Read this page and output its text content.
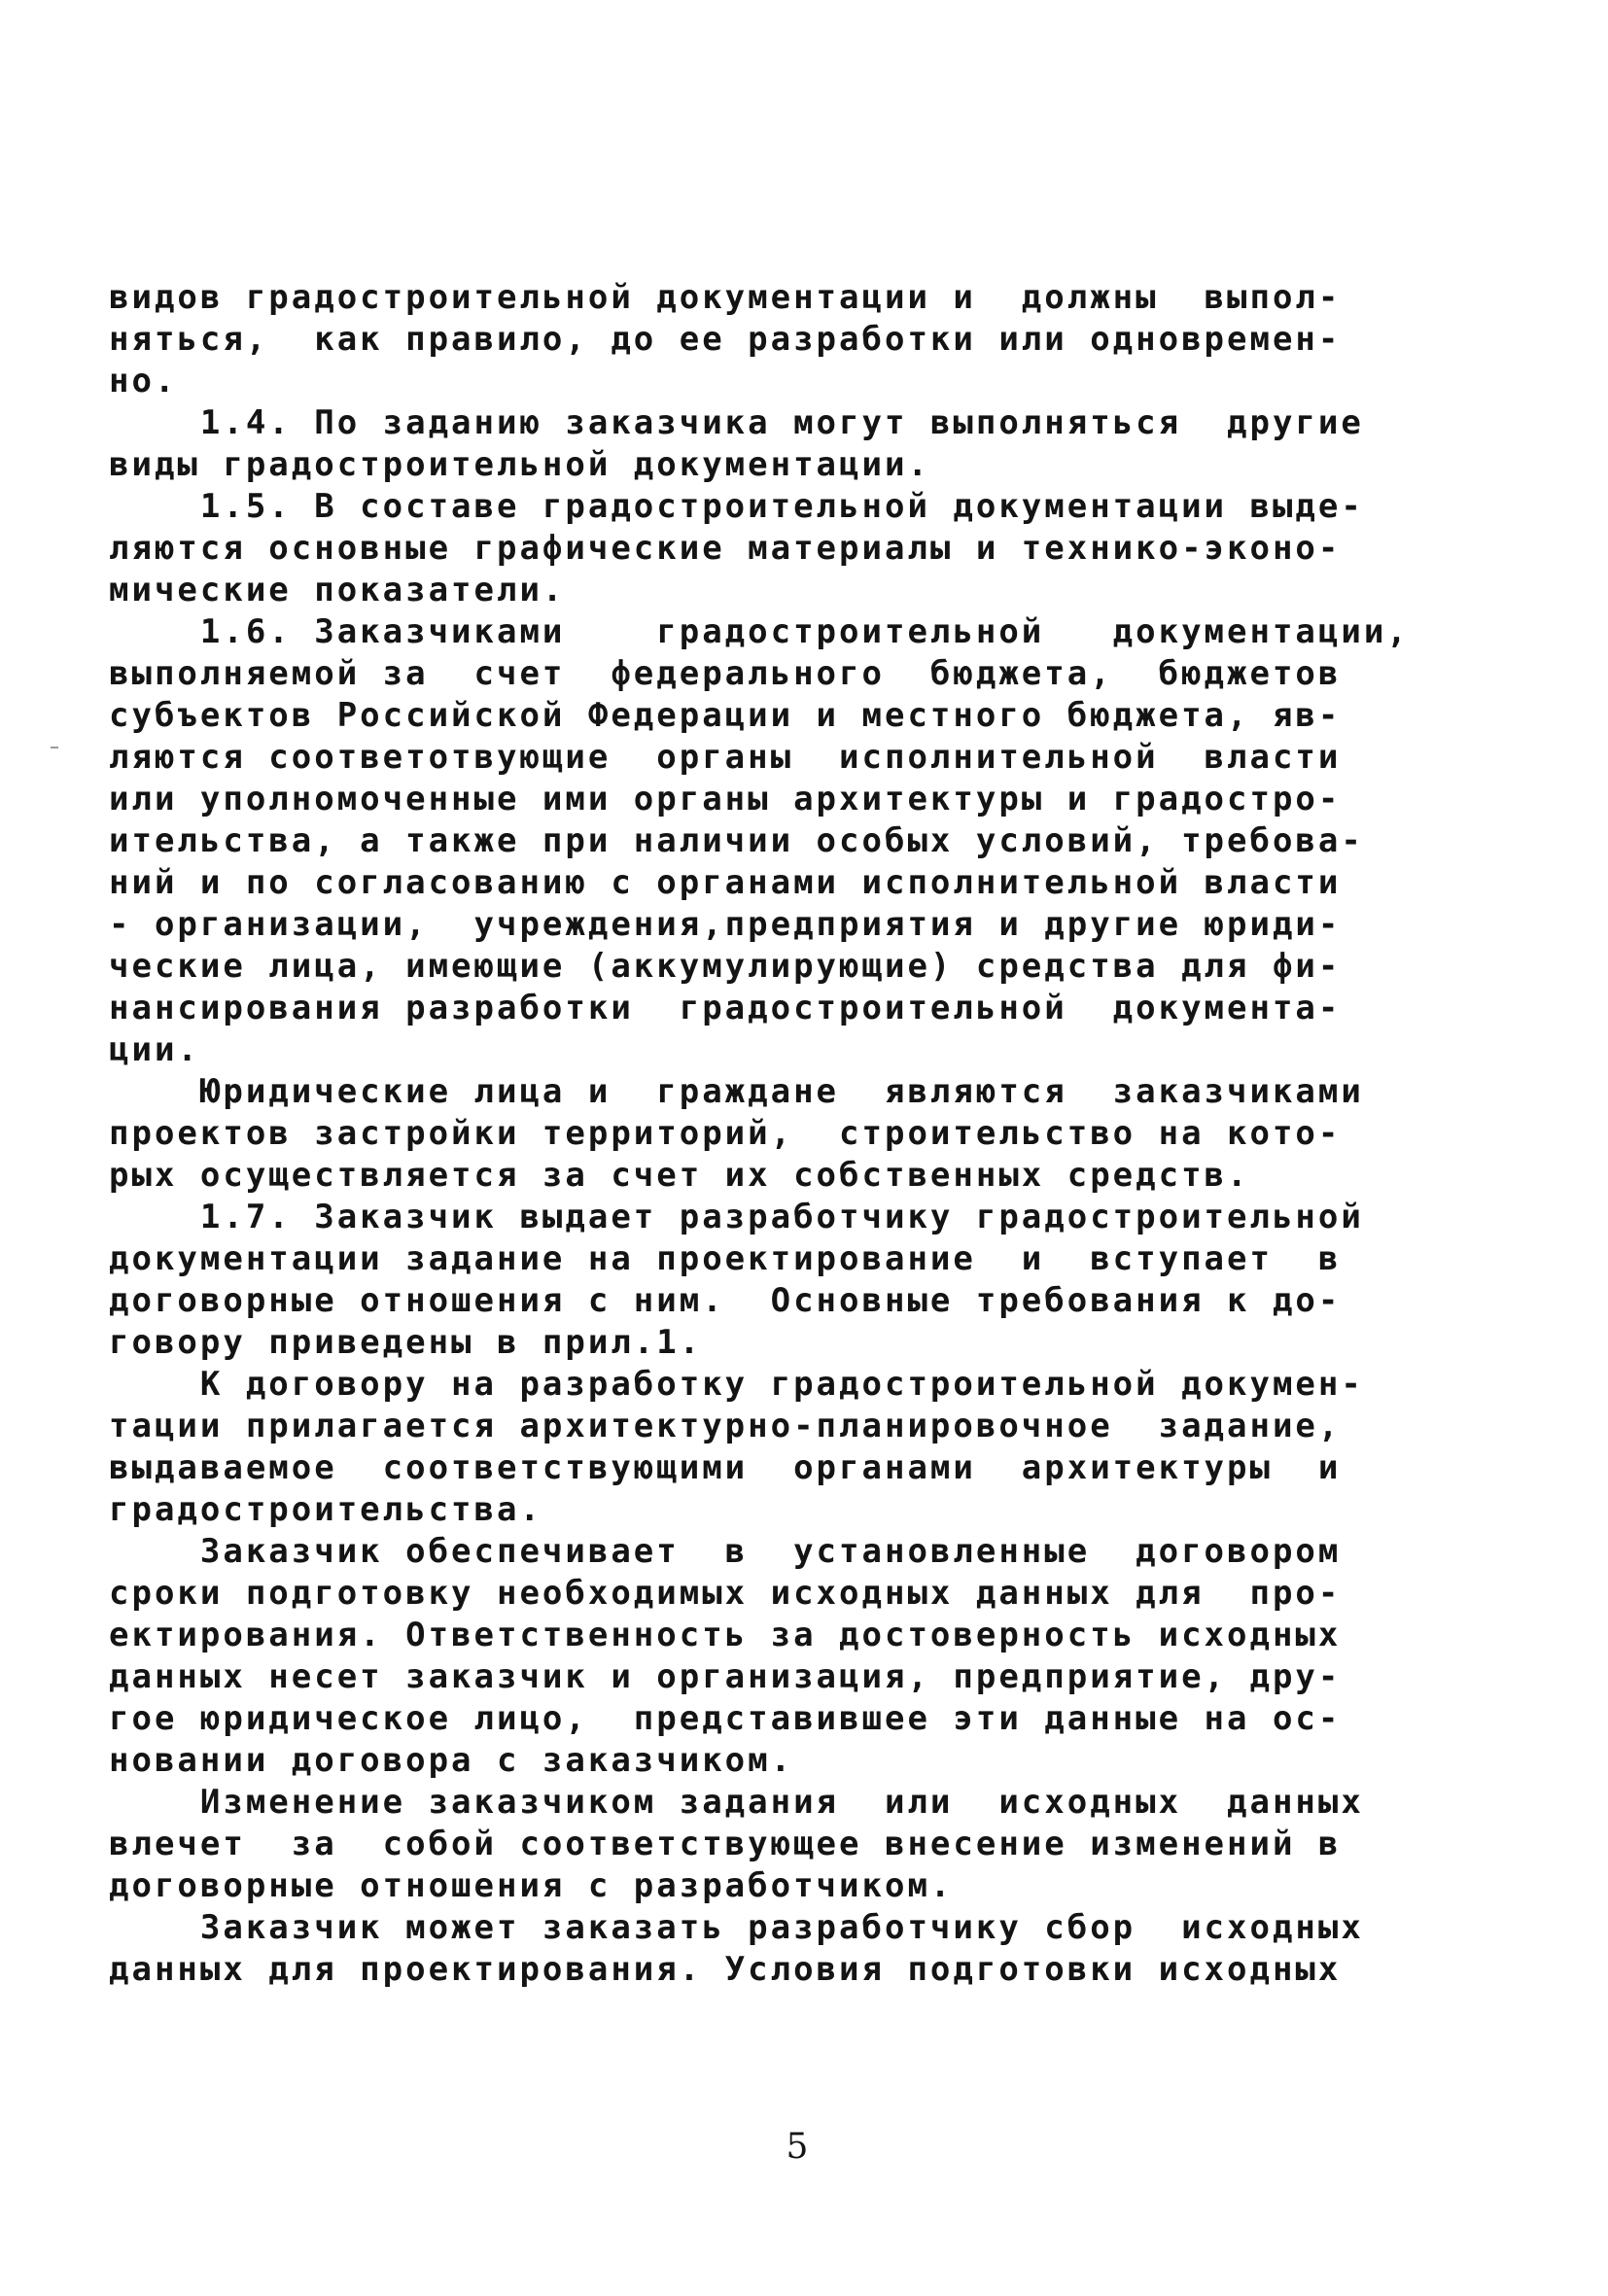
видов градостроительной документации и  должны  выпол-
няться,  как правило, до ее разработки или одновремен-
но.
1.4. По заданию заказчика могут выполняться  другие
виды градостроительной документации.
1.5. В составе градостроительной документации выде-
ляются основные графические материалы и технико-эконо-
мические показатели.
1.6. Заказчиками    градостроительной   документации,
выполняемой за  счет  федерального  бюджета,  бюджетов
субъектов Российской Федерации и местного бюджета, яв-
ляются соответотвующие  органы  исполнительной  власти
или уполномоченные ими органы архитектуры и градостро-
ительства, а также при наличии особых условий, требова-
ний и по согласованию с органами исполнительной власти
- организации,  учреждения,предприятия и другие юриди-
ческие лица, имеющие (аккумулирующие) средства для фи-
нансирования разработки  градостроительной  документа-
ции.
Юридические лица и  граждане  являются  заказчиками
проектов застройки территорий,  строительство на кото-
рых осуществляется за счет их собственных средств.
1.7. Заказчик выдает разработчику градостроительной
документации задание на проектирование  и  вступает  в
договорные отношения с ним.  Основные требования к до-
говору приведены в прил.1.
К договору на разработку градостроительной докумен-
тации прилагается архитектурно-планировочное  задание,
выдаваемое  соответствующими  органами  архитектуры  и
градостроительства.
Заказчик обеспечивает  в  установленные  договором
сроки подготовку необходимых исходных данных для  про-
ектирования. Ответственность за достоверность исходных
данных несет заказчик и организация, предприятие, дру-
гое юридическое лицо,  представившее эти данные на ос-
новании договора с заказчиком.
Изменение заказчиком задания  или  исходных  данных
влечет  за  собой соответствующее внесение изменений в
договорные отношения с разработчиком.
Заказчик может заказать разработчику сбор  исходных
данных для проектирования. Условия подготовки исходных
5
